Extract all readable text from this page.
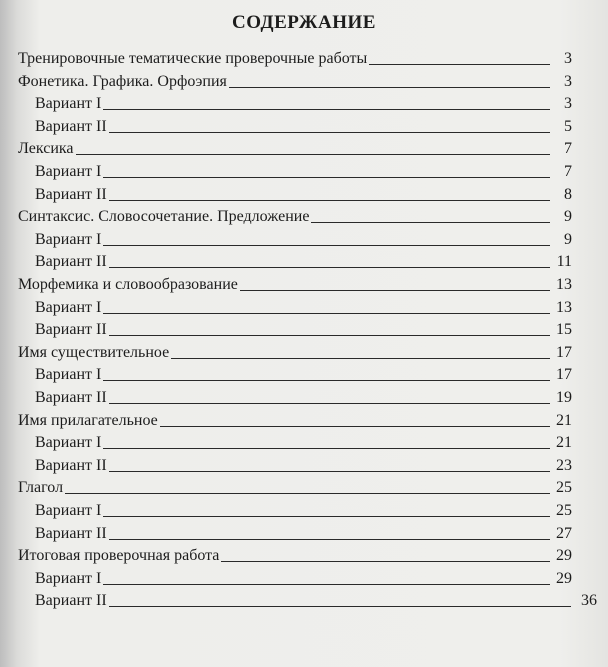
СОДЕРЖАНИЕ
Тренировочные тематические проверочные работы	3
Фонетика. Графика. Орфоэпия	3
Вариант I	3
Вариант II	5
Лексика	7
Вариант I	7
Вариант II	8
Синтаксис. Словосочетание. Предложение	9
Вариант I	9
Вариант II	11
Морфемика и словообразование	13
Вариант I	13
Вариант II	15
Имя существительное	17
Вариант I	17
Вариант II	19
Имя прилагательное	21
Вариант I	21
Вариант II	23
Глагол	25
Вариант I	25
Вариант II	27
Итоговая проверочная работа	29
Вариант I	29
Вариант II	36
